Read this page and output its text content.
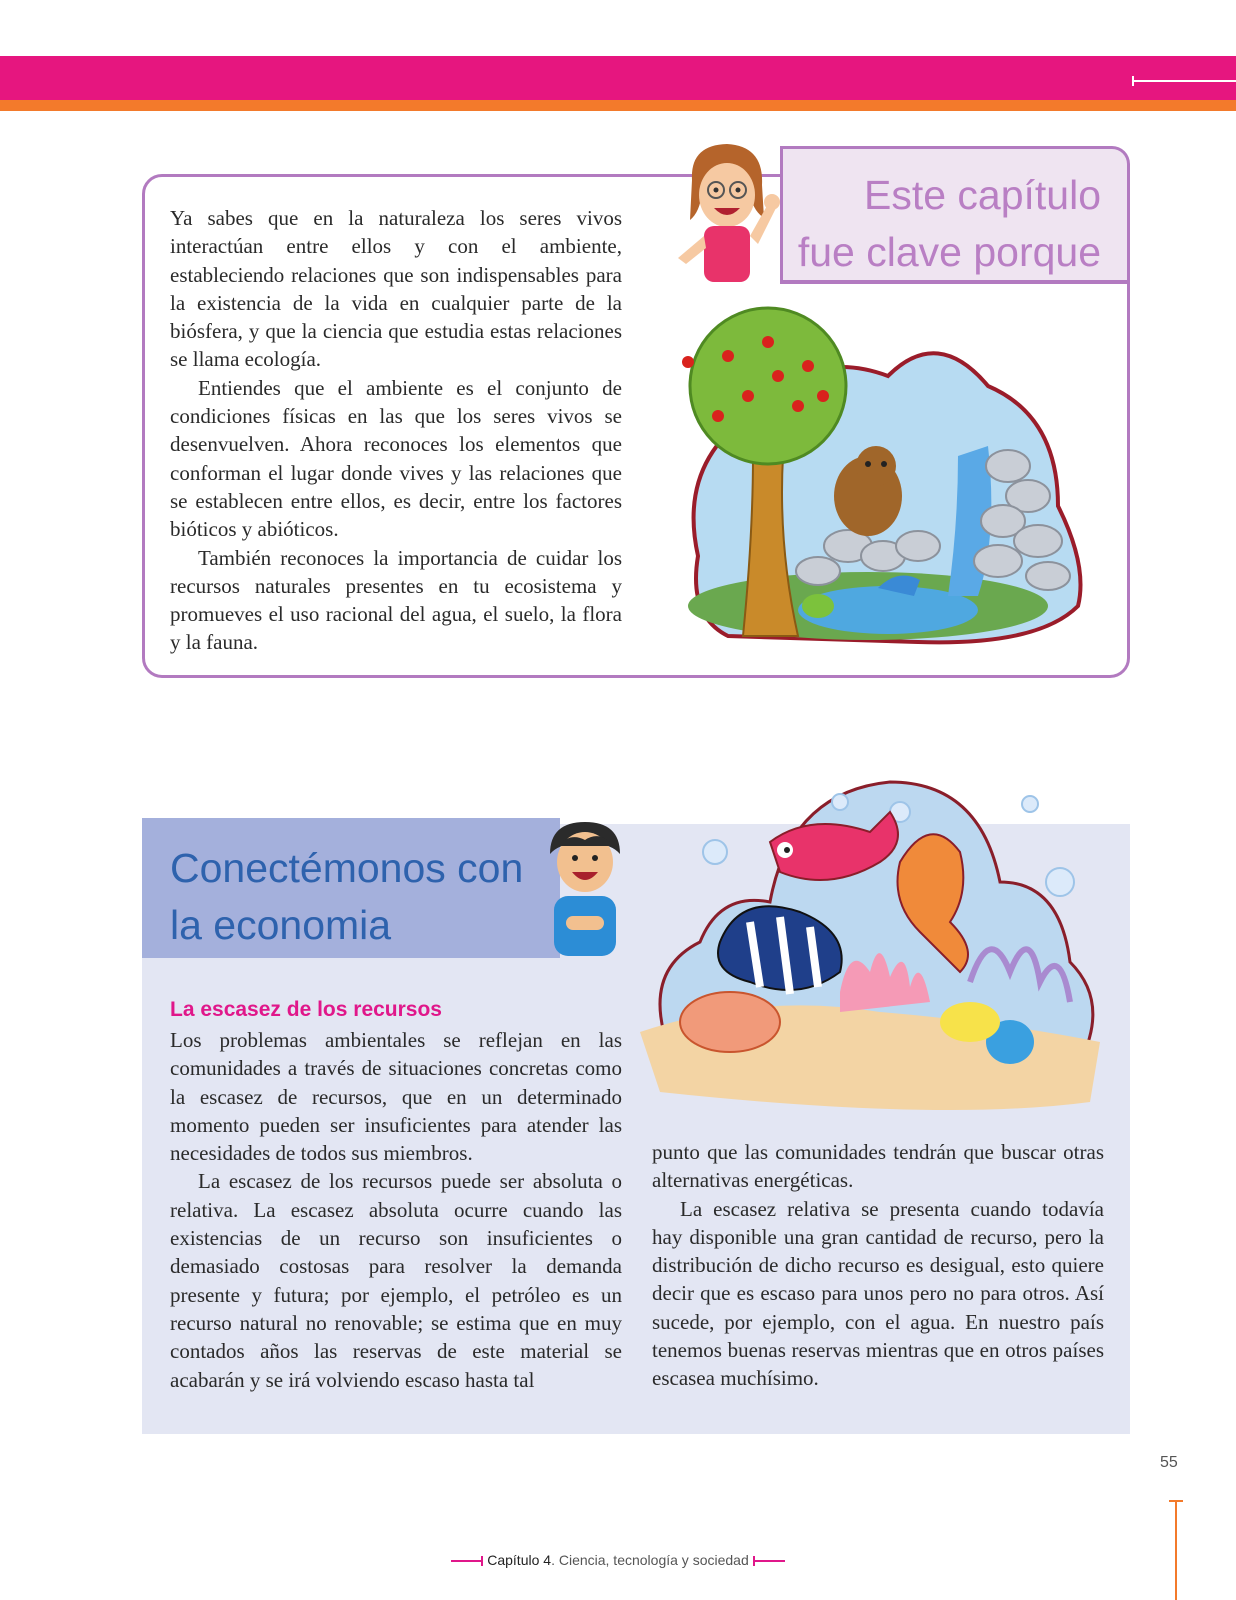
Este capítulo
fue clave porque

Ya sabes que en la naturaleza los seres vivos interactúan entre ellos y con el ambiente, estableciendo relaciones que son indispensables para la existencia de la vida en cualquier parte de la biósfera, y que la ciencia que estudia estas relaciones se llama ecología.

Entiendes que el ambiente es el conjunto de condiciones físicas en las que los seres vivos se desenvuelven. Ahora reconoces los elementos que conforman el lugar donde vives y las relaciones que se establecen entre ellos, es decir, entre los factores bióticos y abióticos.

También reconoces la importancia de cuidar los recursos naturales presentes en tu ecosistema y promueves el uso racional del agua, el suelo, la flora y la fauna.

Conectémonos con
la economia
La escasez de los recursos

Los problemas ambientales se reflejan en las comunidades a través de situaciones concretas como la escasez de recursos, que en un determinado momento pueden ser insuficientes para atender las necesidades de todos sus miembros.

La escasez de los recursos puede ser absoluta o relativa. La escasez absoluta ocurre cuando las existencias de un recurso son insuficientes o demasiado costosas para resolver la demanda presente y futura; por ejemplo, el petróleo es un recurso natural no renovable; se estima que en muy contados años las reservas de este material se acabarán y se irá volviendo escaso hasta tal

punto que las comunidades tendrán que buscar otras alternativas energéticas.

La escasez relativa se presenta cuando todavía hay disponible una gran cantidad de recurso, pero la distribución de dicho recurso es desigual, esto quiere decir que es escaso para unos pero no para otros. Así sucede, por ejemplo, con el agua. En nuestro país tenemos buenas reservas mientras que en otros países escasea muchísimo.

55
Capítulo 4. Ciencia, tecnología y sociedad
